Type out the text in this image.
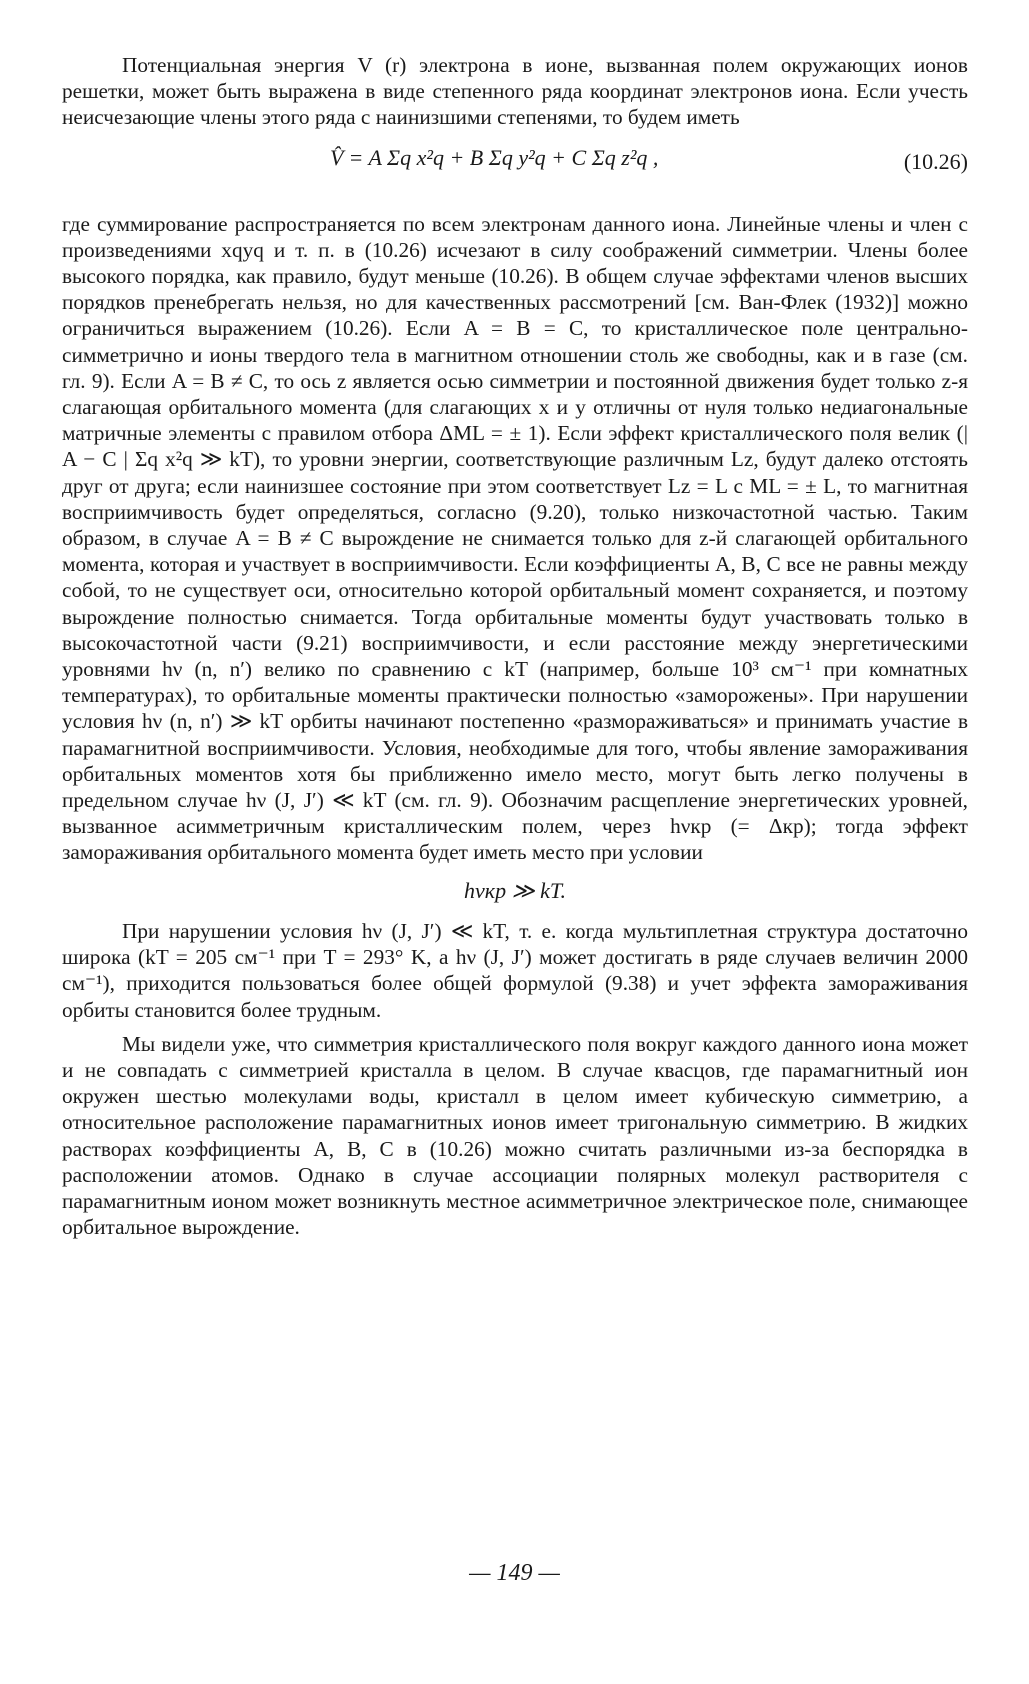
Потенциальная энергия V (r) электрона в ионе, вызванная полем окружающих ионов решетки, может быть выражена в виде степенного ряда координат электронов иона. Если учесть неисчезающие члены этого ряда с наинизшими степенями, то будем иметь

V̂ = A Σq x²q + B Σq y²q + C Σq z²q ,	(10.26)

где суммирование распространяется по всем электронам данного иона. Линейные члены и член с произведениями xqyq и т. п. в (10.26) исчезают в силу соображений симметрии. Члены более высокого порядка, как правило, будут меньше (10.26). В общем случае эффектами членов высших порядков пренебрегать нельзя, но для качественных рассмотрений [см. Ван-Флек (1932)] можно ограничиться выражением (10.26). Если A = B = C, то кристаллическое поле центрально-симметрично и ионы твердого тела в магнитном отношении столь же свободны, как и в газе (см. гл. 9). Если A = B ≠ C, то ось z является осью симметрии и постоянной движения будет только z-я слагающая орбитального момента (для слагающих x и y отличны от нуля только недиагональные матричные элементы с правилом отбора ΔML = ± 1). Если эффект кристаллического поля велик (| A − C | Σq x²q ≫ kT), то уровни энергии, соответствующие различным Lz, будут далеко отстоять друг от друга; если наинизшее состояние при этом соответствует Lz = L с ML = ± L, то магнитная восприимчивость будет определяться, согласно (9.20), только низкочастотной частью. Таким образом, в случае A = B ≠ C вырождение не снимается только для z-й слагающей орбитального момента, которая и участвует в восприимчивости. Если коэффициенты A, B, C все не равны между собой, то не существует оси, относительно которой орбитальный момент сохраняется, и поэтому вырождение полностью снимается. Тогда орбитальные моменты будут участвовать только в высокочастотной части (9.21) восприимчивости, и если расстояние между энергетическими уровнями hν (n, n′) велико по сравнению с kT (например, больше 10³ см⁻¹ при комнатных температурах), то орбитальные моменты практически полностью «заморожены». При нарушении условия hν (n, n′) ≫ kT орбиты начинают постепенно «размораживаться» и принимать участие в парамагнитной восприимчивости. Условия, необходимые для того, чтобы явление замораживания орбитальных моментов хотя бы приближенно имело место, могут быть легко получены в предельном случае hν (J, J′) ≪ kT (см. гл. 9). Обозначим расщепление энергетических уровней, вызванное асимметричным кристаллическим полем, через hνкр (= Δкр); тогда эффект замораживания орбитального момента будет иметь место при условии

hνкр ≫ kT.

При нарушении условия hν (J, J′) ≪ kT, т. е. когда мультиплетная структура достаточно широка (kT = 205 см⁻¹ при T = 293° K, а hν (J, J′) может достигать в ряде случаев величин 2000 см⁻¹), приходится пользоваться более общей формулой (9.38) и учет эффекта замораживания орбиты становится более трудным.

Мы видели уже, что симметрия кристаллического поля вокруг каждого данного иона может и не совпадать с симметрией кристалла в целом. В случае квасцов, где парамагнитный ион окружен шестью молекулами воды, кристалл в целом имеет кубическую симметрию, а относительное расположение парамагнитных ионов имеет тригональную симметрию. В жидких растворах коэффициенты A, B, C в (10.26) можно считать различными из-за беспорядка в расположении атомов. Однако в случае ассоциации полярных молекул растворителя с парамагнитным ионом может возникнуть местное асимметричное электрическое поле, снимающее орбитальное вырождение.

— 149 —
